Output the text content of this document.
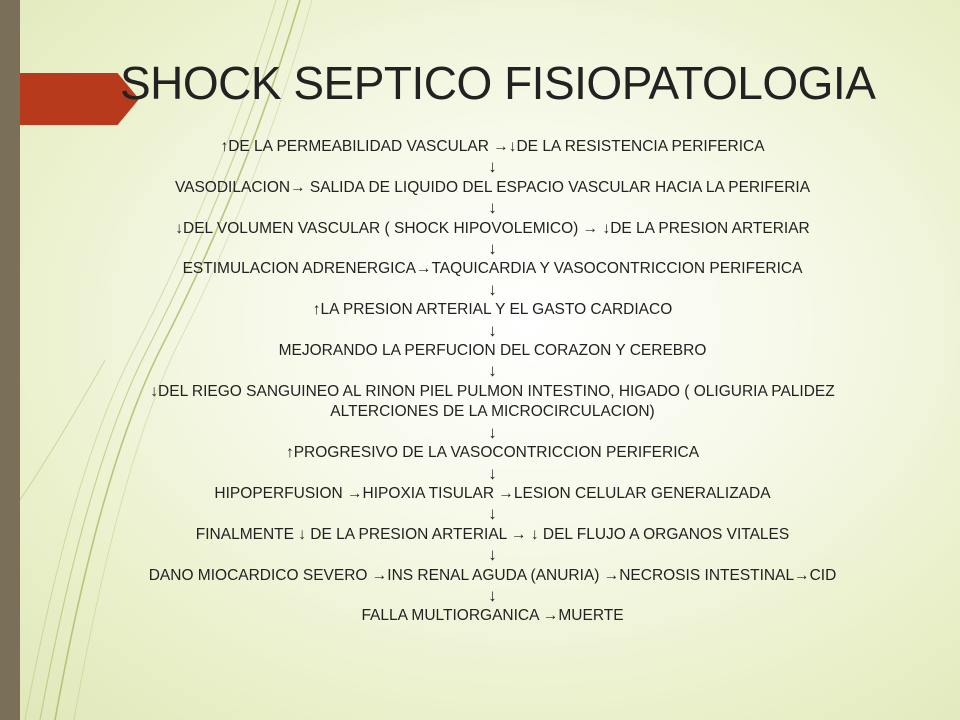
SHOCK SEPTICO FISIOPATOLOGIA
↑DE LA PERMEABILIDAD VASCULAR →↓DE LA RESISTENCIA PERIFERICA
↓
VASODILACION→ SALIDA DE LIQUIDO DEL ESPACIO VASCULAR HACIA LA PERIFERIA
↓
↓DEL VOLUMEN VASCULAR ( SHOCK HIPOVOLEMICO) → ↓DE LA PRESION ARTERIAR
↓
ESTIMULACION ADRENERGICA→TAQUICARDIA Y VASOCONTRICCION PERIFERICA
↓
↑LA PRESION ARTERIAL Y EL GASTO CARDIACO
↓
MEJORANDO LA PERFUCION DEL CORAZON Y CEREBRO
↓
↓DEL RIEGO SANGUINEO AL RINON PIEL PULMON INTESTINO, HIGADO ( OLIGURIA PALIDEZ ALTERCIONES DE LA MICROCIRCULACION)
↓
↑PROGRESIVO DE LA VASOCONTRICCION PERIFERICA
↓
HIPOPERFUSION →HIPOXIA TISULAR →LESION CELULAR GENERALIZADA
↓
FINALMENTE ↓ DE LA PRESION ARTERIAL → ↓ DEL FLUJO A ORGANOS VITALES
↓
DANO MIOCARDICO SEVERO →INS RENAL AGUDA (ANURIA) →NECROSIS INTESTINAL→CID
↓
FALLA MULTIORGANICA →MUERTE
